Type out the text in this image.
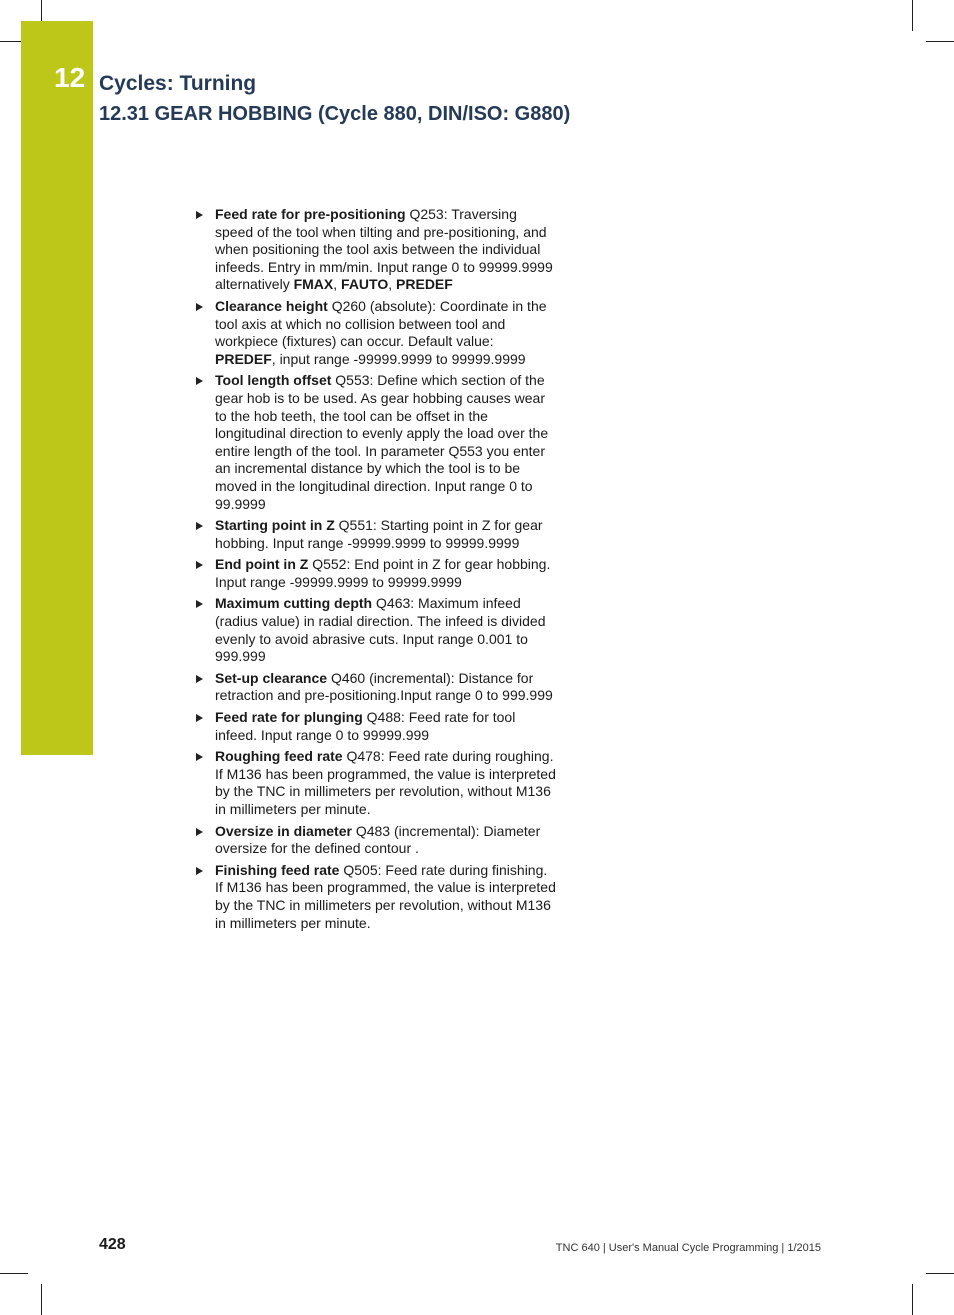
12 Cycles: Turning
12.31 GEAR HOBBING (Cycle 880, DIN/ISO: G880)
Feed rate for pre-positioning Q253: Traversing speed of the tool when tilting and pre-positioning, and when positioning the tool axis between the individual infeeds. Entry in mm/min. Input range 0 to 99999.9999 alternatively FMAX, FAUTO, PREDEF
Clearance height Q260 (absolute): Coordinate in the tool axis at which no collision between tool and workpiece (fixtures) can occur. Default value: PREDEF, input range -99999.9999 to 99999.9999
Tool length offset Q553: Define which section of the gear hob is to be used. As gear hobbing causes wear to the hob teeth, the tool can be offset in the longitudinal direction to evenly apply the load over the entire length of the tool. In parameter Q553 you enter an incremental distance by which the tool is to be moved in the longitudinal direction. Input range 0 to 99.9999
Starting point in Z Q551: Starting point in Z for gear hobbing. Input range -99999.9999 to 99999.9999
End point in Z Q552: End point in Z for gear hobbing. Input range -99999.9999 to 99999.9999
Maximum cutting depth Q463: Maximum infeed (radius value) in radial direction. The infeed is divided evenly to avoid abrasive cuts. Input range 0.001 to 999.999
Set-up clearance Q460 (incremental): Distance for retraction and pre-positioning.Input range 0 to 999.999
Feed rate for plunging Q488: Feed rate for tool infeed. Input range 0 to 99999.999
Roughing feed rate Q478: Feed rate during roughing. If M136 has been programmed, the value is interpreted by the TNC in millimeters per revolution, without M136 in millimeters per minute.
Oversize in diameter Q483 (incremental): Diameter oversize for the defined contour .
Finishing feed rate Q505: Feed rate during finishing. If M136 has been programmed, the value is interpreted by the TNC in millimeters per revolution, without M136 in millimeters per minute.
428	TNC 640 | User's Manual Cycle Programming | 1/2015
